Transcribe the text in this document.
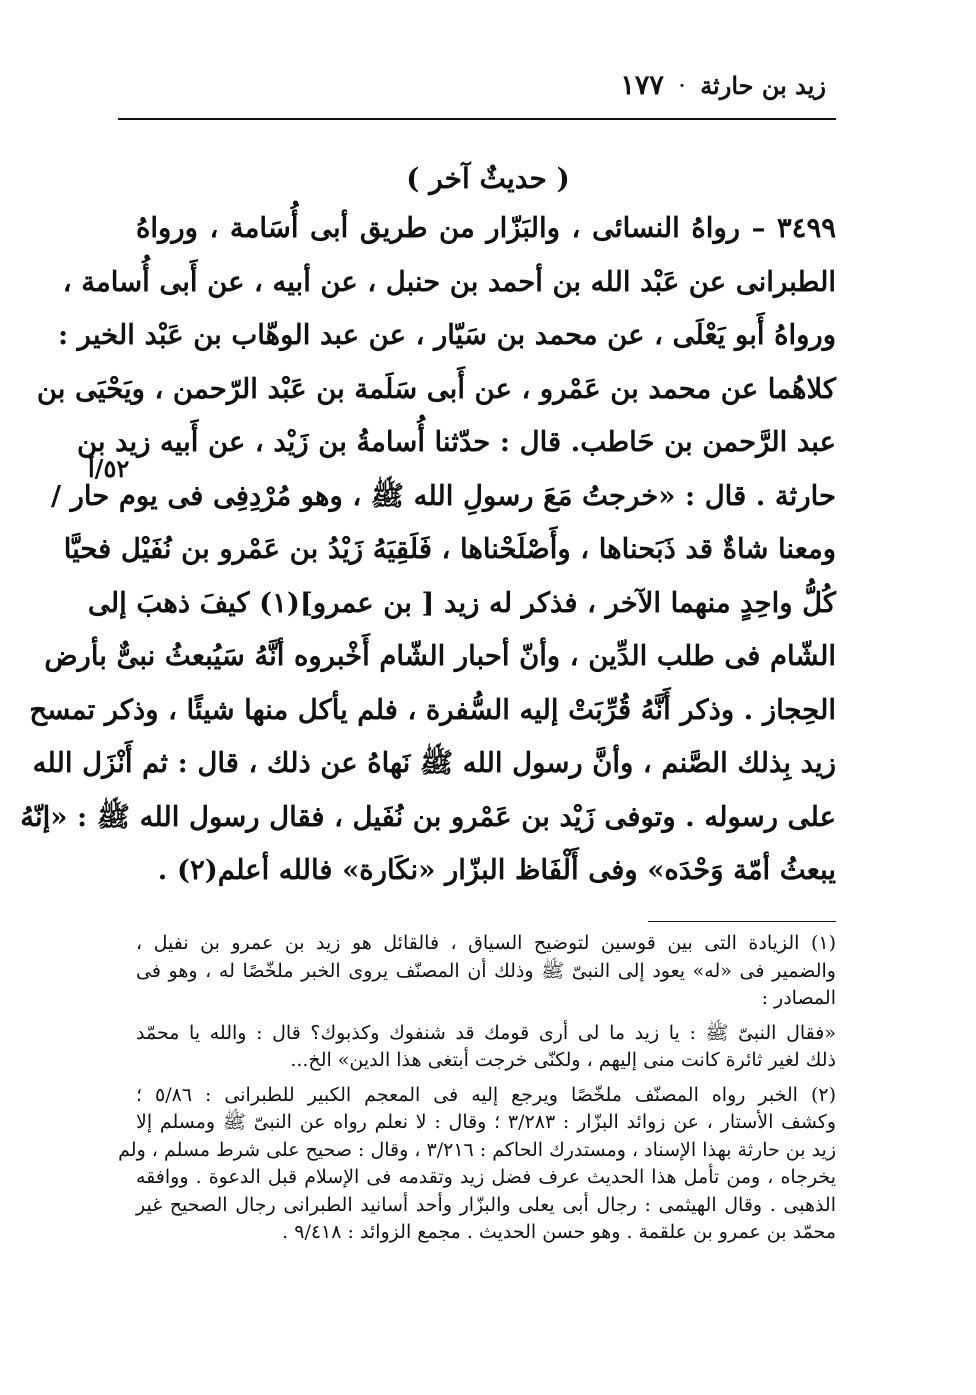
زيد بن حارثة · ١٧٧
( حديثٌ آخر )
٣٤٩٩ – رواهُ النسائى ، والبَزّار من طريق أبى أُسَامة ، ورواهُ
الطبرانى عن عَبْد الله بن أحمد بن حنبل ، عن أبيه ، عن أَبى أُسامة ،
ورواهُ أَبو يَعْلَى ، عن محمد بن سَيّار ، عن عبد الوهّاب بن عَبْد الخير :
كلاهُما عن محمد بن عَمْرو ، عن أَبى سَلَمة بن عَبْد الرّحمن ، ويَحْيَى بن
عبد الرَّحمن بن حَاطب. قال : حدّثنا أُسامةُ بن زَيْد ، عن أَبيه زيد بن
حارثة . قال : «خرجتُ مَعَ رسولِ الله ﷺ ، وهو مُرْدِفِى فى يوم حار /
ومعنا شاةٌ قد ذَبَحناها ، وأَصْلَحْناها ، فَلَقِيَهُ زَيْدُ بن عَمْرو بن نُفَيْل فحيَّا
كُلُّ واحِدٍ منهما الآخر ، فذكر له زيد [ بن عمرو](١) كيفَ ذهبَ إلى
الشّام فى طلب الدِّين ، وأنّ أحبار الشّام أَخْبروه أنَّهُ سَيُبعثُ نبىٌّ بأرض
الحِجاز . وذكر أَنَّهُ قُرِّبَتْ إليه السُّفرة ، فلم يأكل منها شيئًا ، وذكر تمسح
زيد بِذلك الصَّنم ، وأنَّ رسول الله ﷺ نَهاهُ عن ذلك ، قال : ثم أَنْزَل الله
على رسوله . وتوفى زَيْد بن عَمْرو بن نُفَيل ، فقال رسول الله ﷺ : «إنّهُ
يبعثُ أمّة وَحْدَه» وفى أَلْفَاظ البزّار «نكَارة» فالله أعلم(٢) .
٥٢/أ
(١) الزيادة التى بين قوسين لتوضيح السياق ، فالقائل هو زيد بن عمرو بن نفيل ،
والضمير فى «له» يعود إلى النبىّ ﷺ وذلك أن المصنّف يروى الخبر ملخّصًا له ، وهو فى
المصادر :
«فقال النبىّ ﷺ : يا زيد ما لى أرى قومك قد شنفوك وكذبوك؟ قال : والله يا محمّد
ذلك لغير ثائرة كانت منى إليهم ، ولكنّى خرجت أبتغى هذا الدين» الخ...
(٢) الخبر رواه المصنّف ملخّصًا ويرجع إليه فى المعجم الكبير للطبرانى : ٥/٨٦ ؛
وكشف الأستار ، عن زوائد البزّار : ٣/٢٨٣ ؛ وقال : لا نعلم رواه عن النبىّ ﷺ ومسلم إلا
زيد بن حارثة بهذا الإسناد ، ومستدرك الحاكم : ٣/٢١٦ ، وقال : صحيح على شرط مسلم ، ولم
يخرجاه ، ومن تأمل هذا الحديث عرف فضل زيد وتقدمه فى الإسلام قبل الدعوة . ووافقه
الذهبى . وقال الهيثمى : رجال أبى يعلى والبزّار وأحد أسانيد الطبرانى رجال الصحيح غير
محمّد بن عمرو بن علقمة . وهو حسن الحديث . مجمع الزوائد : ٩/٤١٨ .
